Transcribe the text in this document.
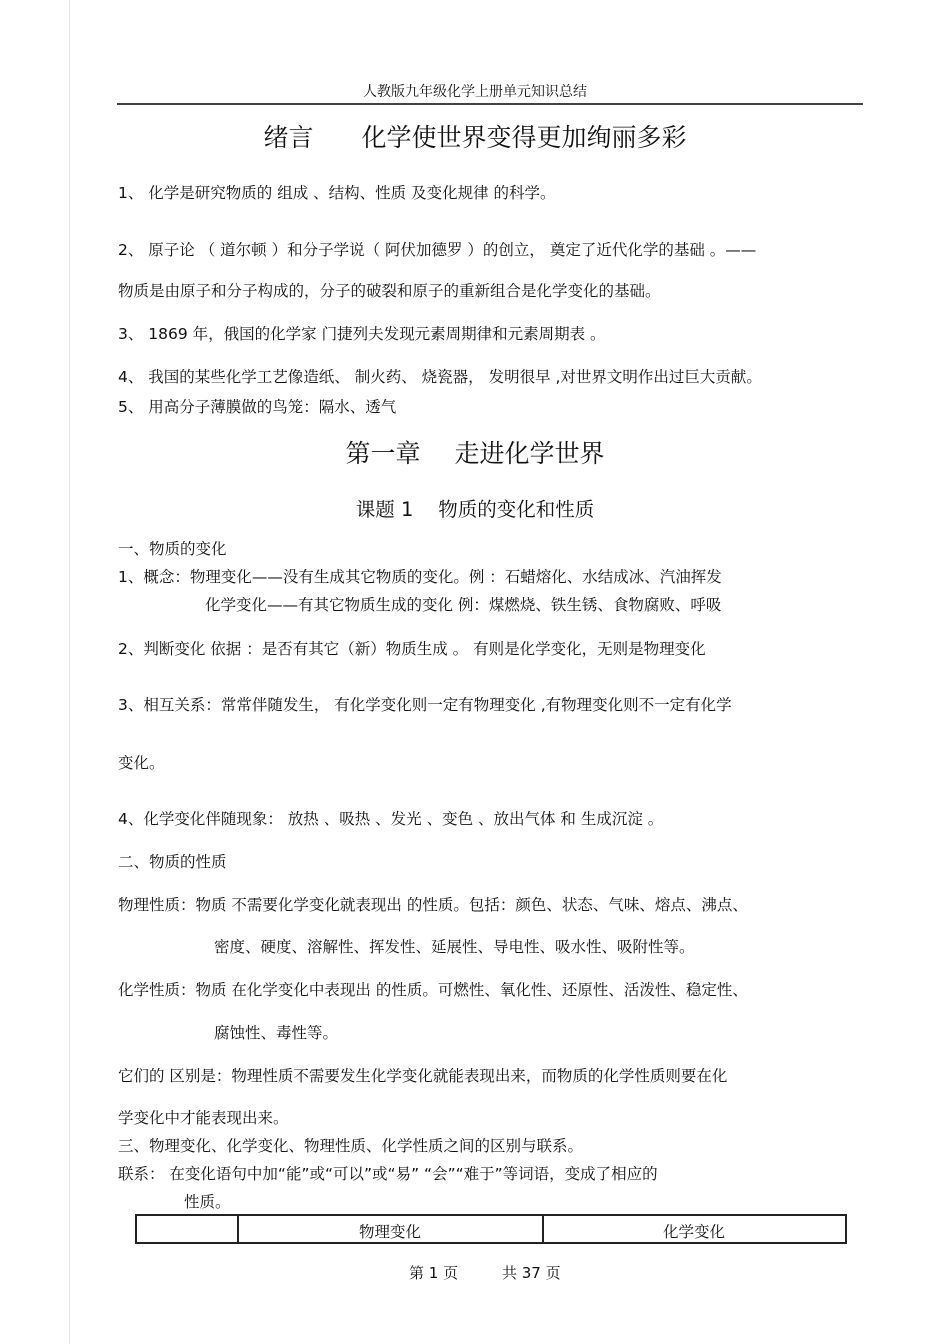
人教版九年级化学上册单元知识总结
绪言 化学使世界变得更加绚丽多彩
1、 化学是研究物质的 组成 、结构、性质 及变化规律 的科学。
2、 原子论 （ 道尔顿 ）和分子学说（ 阿伏加德罗 ）的创立， 奠定了近代化学的基础 。——
物质是由原子和分子构成的，分子的破裂和原子的重新组合是化学变化的基础。
3、 1869 年，俄国的化学家 门捷列夫发现元素周期律和元素周期表 。
4、 我国的某些化学工艺像造纸、 制火药、 烧瓷器， 发明很早 ,对世界文明作出过巨大贡献。
5、 用高分子薄膜做的鸟笼：隔水、透气
第一章 走进化学世界
课题 1    物质的变化和性质
一、物质的变化
1、概念：物理变化——没有生成其它物质的变化。例 ：石蜡熔化、水结成冰、汽油挥发
化学变化——有其它物质生成的变化 例：煤燃烧、铁生锈、食物腐败、呼吸
2、判断变化 依据 ：是否有其它（新）物质生成 。 有则是化学变化，无则是物理变化
3、相互关系：常常伴随发生， 有化学变化则一定有物理变化 ,有物理变化则不一定有化学
变化。
4、化学变化伴随现象： 放热 、吸热 、发光 、变色 、放出气体 和 生成沉淀 。
二、物质的性质
物理性质：物质 不需要化学变化就表现出 的性质。包括：颜色、状态、气味、熔点、沸点、
密度、硬度、溶解性、挥发性、延展性、导电性、吸水性、吸附性等。
化学性质：物质 在化学变化中表现出 的性质。可燃性、氧化性、还原性、活泼性、稳定性、
腐蚀性、毒性等。
它们的 区别是：物理性质不需要发生化学变化就能表现出来，而物质的化学性质则要在化
学变化中才能表现出来。
三、物理变化、化学变化、物理性质、化学性质之间的区别与联系。
联系： 在变化语句中加“能”或“可以”或“易” “会”“难于”等词语，变成了相应的
性质。
物理变化	化学变化
第 1 页	共 37 页
